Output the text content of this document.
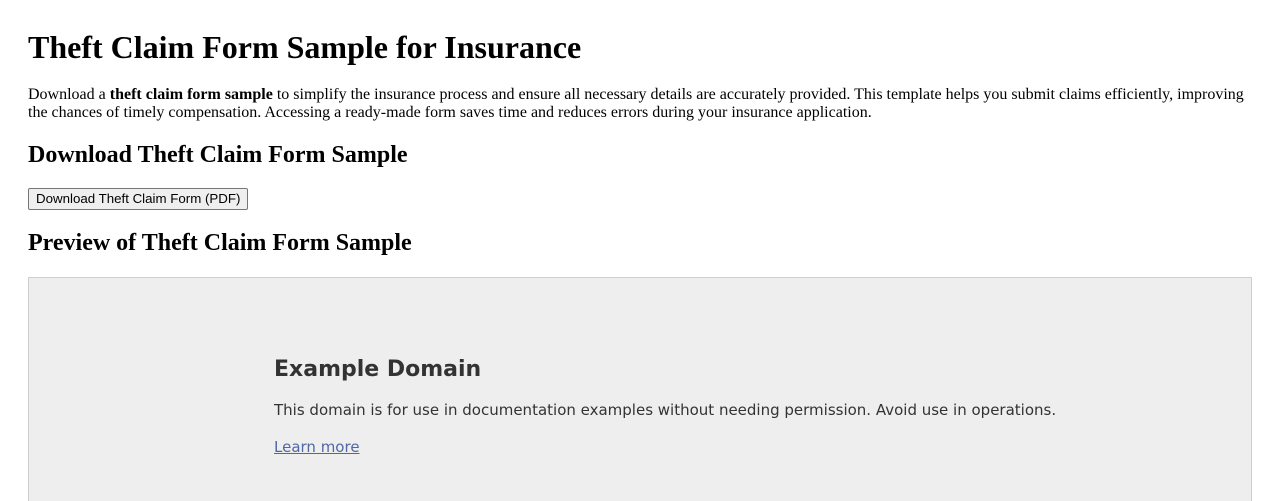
Theft Claim Form Sample for Insurance

Download a theft claim form sample to simplify the insurance process and ensure all necessary details are accurately provided. This template helps you submit claims efficiently, improving the chances of timely compensation. Accessing a ready-made form saves time and reduces errors during your insurance application.

Download Theft Claim Form Sample
Download Theft Claim Form (PDF)
Preview of Theft Claim Form Sample
Example Domain

This domain is for use in documentation examples without needing permission. Avoid use in operations.

Learn more
